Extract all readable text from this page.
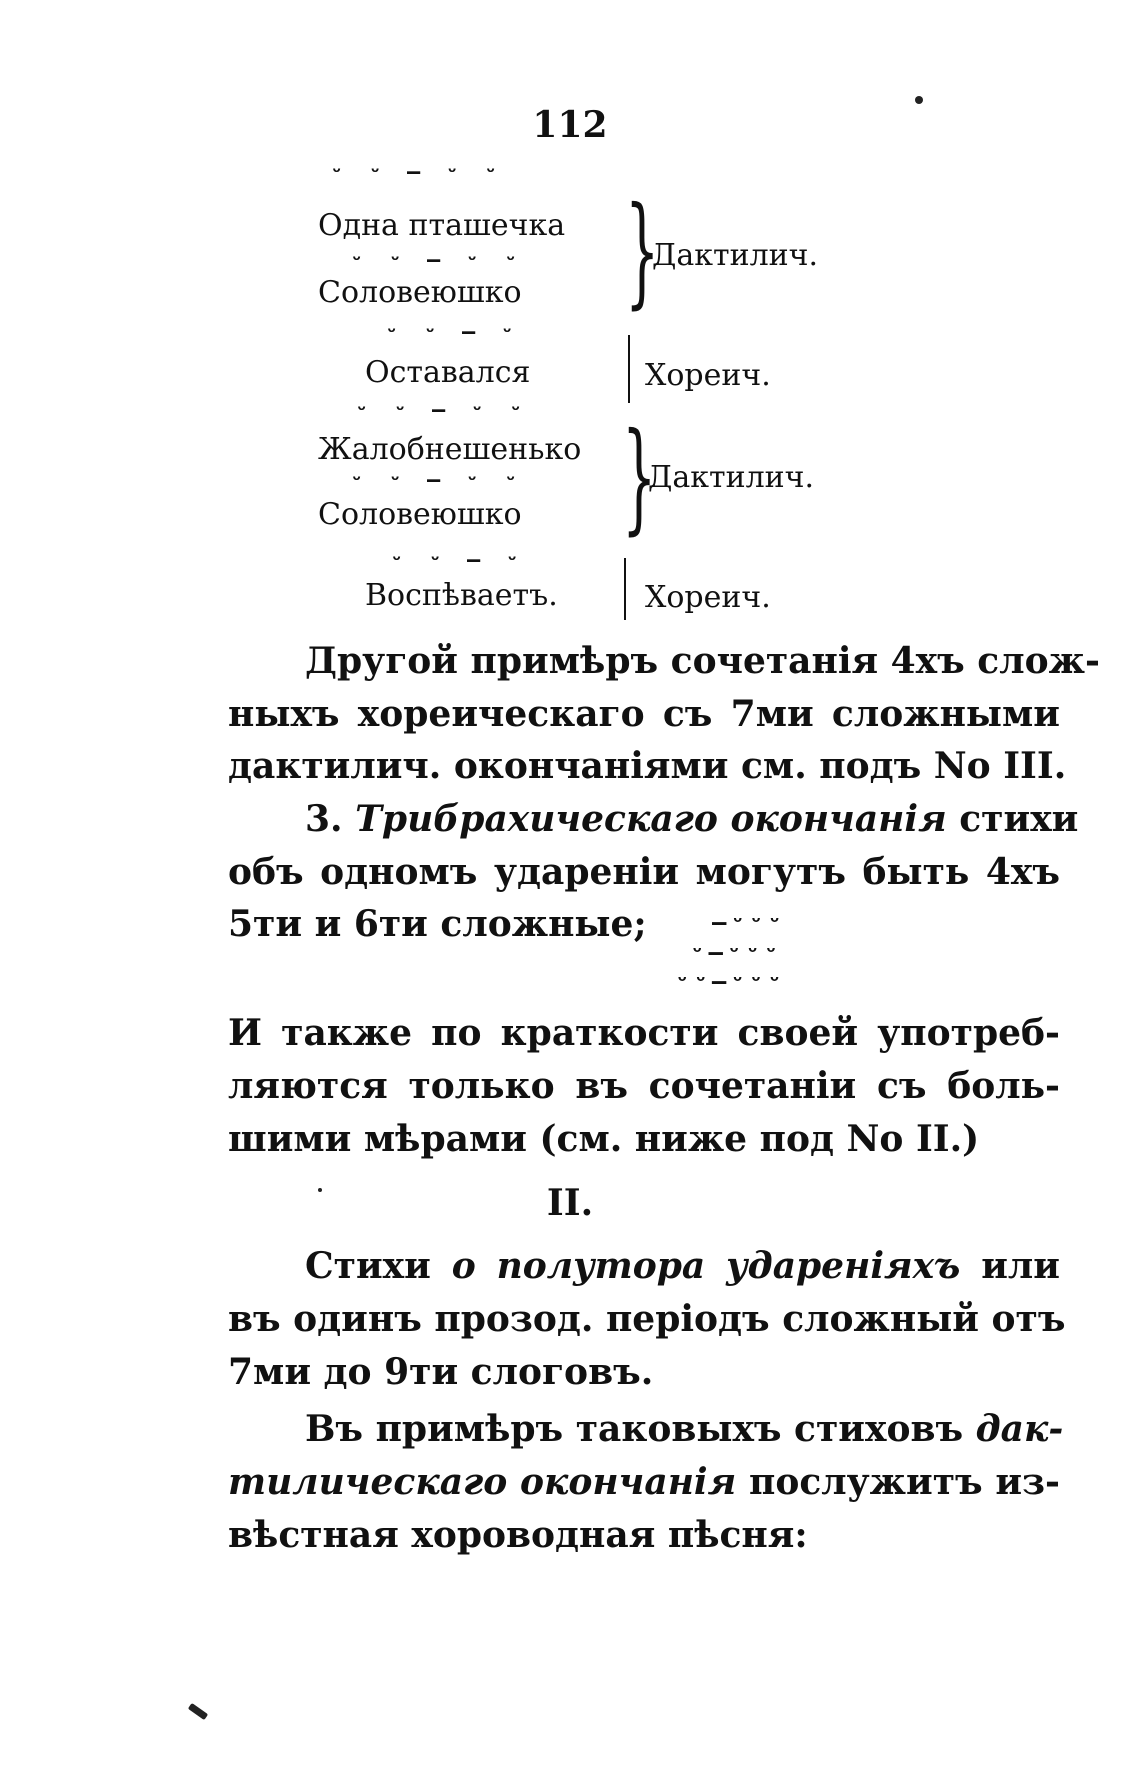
112
ᵕ ᵕ — ᵕ ᵕ
Одна пташечка
ᵕ ᵕ — ᵕ ᵕ
Соловеюшко }
Дактилич.
ᵕ ᵕ — ᵕ
Оставался	Хореич.
ᵕ ᵕ — ᵕ ᵕ
Жалобнешенько
ᵕ ᵕ — ᵕ ᵕ
Соловеюшко }
Дактилич.
ᵕ ᵕ — ᵕ
Воспѣваетъ.	Хореич.
Другой примѣръ сочетанія 4хъ слож-
ныхъ хореическаго съ 7ми сложными
дактилич. окончаніями см. подъ No III.
3. Трибрахическаго окончанія стихи
объ одномъ удареніи могутъ быть 4хъ
5ти и 6ти сложные;	—ᵕᵕᵕ
ᵕ—ᵕᵕᵕ
ᵕᵕ—ᵕᵕᵕ
И также по краткости своей употреб-
ляются только въ сочетаніи съ боль-
шими мѣрами (см. ниже под No II.)
II.
Стихи о полутора удареніяхъ или
въ одинъ прозод. періодъ сложный отъ
7ми до 9ти слоговъ.
Въ примѣръ таковыхъ стиховъ дак-
тилическаго окончанія послужитъ из-
вѣстная хороводная пѣсня:
